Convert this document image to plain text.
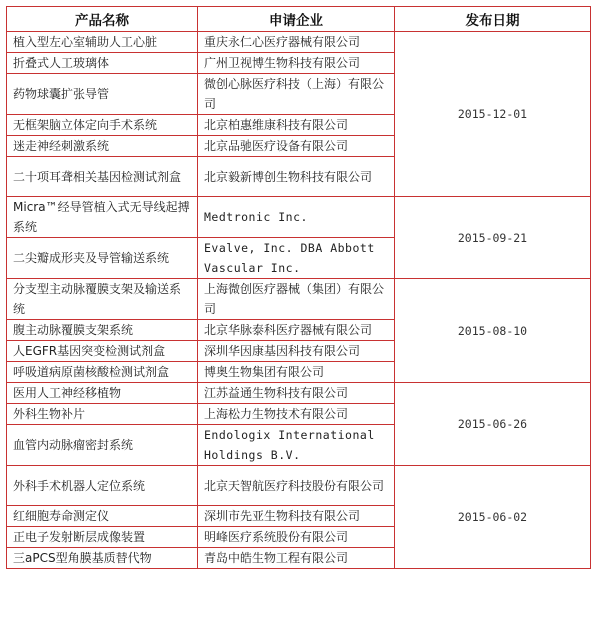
产品名称	申请企业	发布日期
植入型左心室辅助人工心脏	重庆永仁心医疗器械有限公司	2015-12-01
折叠式人工玻璃体	广州卫视博生物科技有限公司	
药物球囊扩张导管	微创心脉医疗科技（上海）有限公司	
无框架脑立体定向手术系统	北京柏惠维康科技有限公司	
迷走神经刺激系统	北京品驰医疗设备有限公司	
二十项耳聋相关基因检测试剂盒	北京毅新博创生物科技有限公司	
Micra™经导管植入式无导线起搏系统	Medtronic Inc.	2015-09-21
二尖瓣成形夹及导管输送系统	Evalve, Inc. DBA Abbott Vascular Inc.	
分支型主动脉覆膜支架及输送系统	上海微创医疗器械（集团）有限公司	2015-08-10
腹主动脉覆膜支架系统	北京华脉泰科医疗器械有限公司	
人EGFR基因突变检测试剂盒	深圳华因康基因科技有限公司	
呼吸道病原菌核酸检测试剂盒	博奥生物集团有限公司	
医用人工神经移植物	江苏益通生物科技有限公司	2015-06-26
外科生物补片	上海松力生物技术有限公司	
血管内动脉瘤密封系统	Endologix International Holdings B.V.	
外科手术机器人定位系统	北京天智航医疗科技股份有限公司	2015-06-02
红细胞寿命测定仪	深圳市先亚生物科技有限公司	
正电子发射断层成像装置	明峰医疗系统股份有限公司	
三aPCS型角膜基质替代物	青岛中皓生物工程有限公司	
